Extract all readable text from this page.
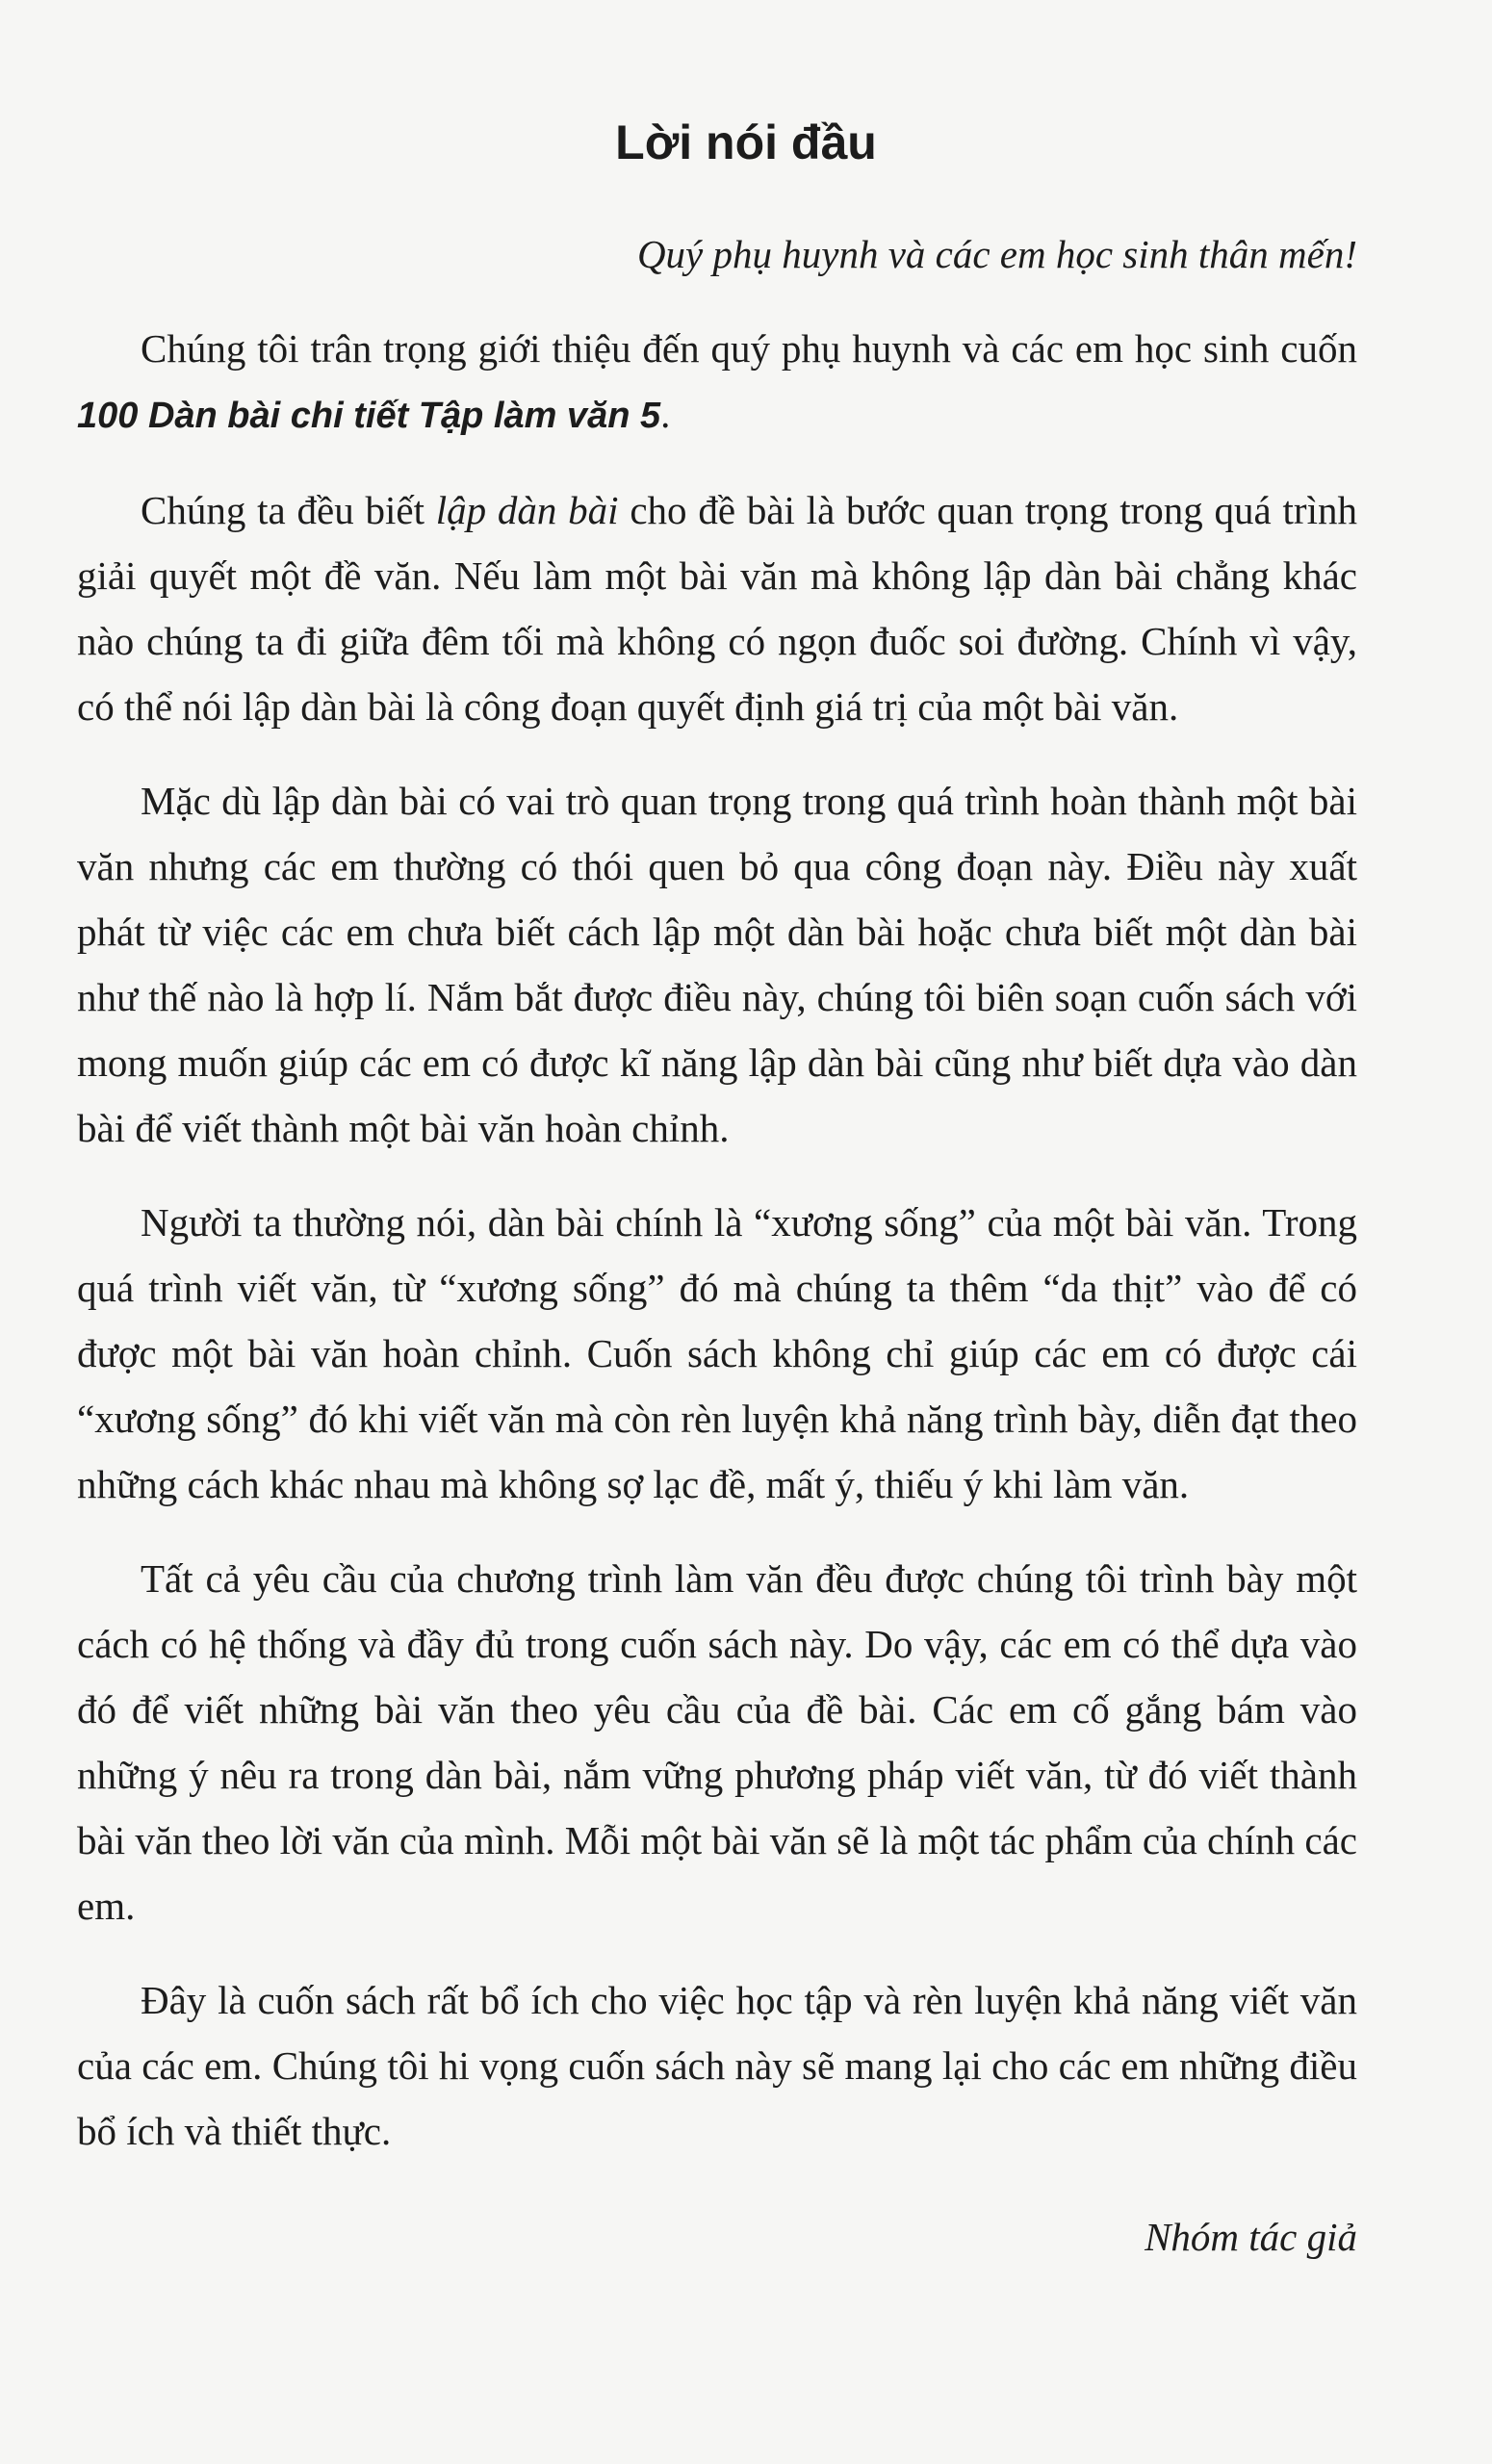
Lời nói đầu

Quý phụ huynh và các em học sinh thân mến!

Chúng tôi trân trọng giới thiệu đến quý phụ huynh và các em học sinh cuốn 100 Dàn bài chi tiết Tập làm văn 5.

Chúng ta đều biết lập dàn bài cho đề bài là bước quan trọng trong quá trình giải quyết một đề văn. Nếu làm một bài văn mà không lập dàn bài chẳng khác nào chúng ta đi giữa đêm tối mà không có ngọn đuốc soi đường. Chính vì vậy, có thể nói lập dàn bài là công đoạn quyết định giá trị của một bài văn.

Mặc dù lập dàn bài có vai trò quan trọng trong quá trình hoàn thành một bài văn nhưng các em thường có thói quen bỏ qua công đoạn này. Điều này xuất phát từ việc các em chưa biết cách lập một dàn bài hoặc chưa biết một dàn bài như thế nào là hợp lí. Nắm bắt được điều này, chúng tôi biên soạn cuốn sách với mong muốn giúp các em có được kĩ năng lập dàn bài cũng như biết dựa vào dàn bài để viết thành một bài văn hoàn chỉnh.

Người ta thường nói, dàn bài chính là “xương sống” của một bài văn. Trong quá trình viết văn, từ “xương sống” đó mà chúng ta thêm “da thịt” vào để có được một bài văn hoàn chỉnh. Cuốn sách không chỉ giúp các em có được cái “xương sống” đó khi viết văn mà còn rèn luyện khả năng trình bày, diễn đạt theo những cách khác nhau mà không sợ lạc đề, mất ý, thiếu ý khi làm văn.

Tất cả yêu cầu của chương trình làm văn đều được chúng tôi trình bày một cách có hệ thống và đầy đủ trong cuốn sách này. Do vậy, các em có thể dựa vào đó để viết những bài văn theo yêu cầu của đề bài. Các em cố gắng bám vào những ý nêu ra trong dàn bài, nắm vững phương pháp viết văn, từ đó viết thành bài văn theo lời văn của mình. Mỗi một bài văn sẽ là một tác phẩm của chính các em.

Đây là cuốn sách rất bổ ích cho việc học tập và rèn luyện khả năng viết văn của các em. Chúng tôi hi vọng cuốn sách này sẽ mang lại cho các em những điều bổ ích và thiết thực.

Nhóm tác giả
